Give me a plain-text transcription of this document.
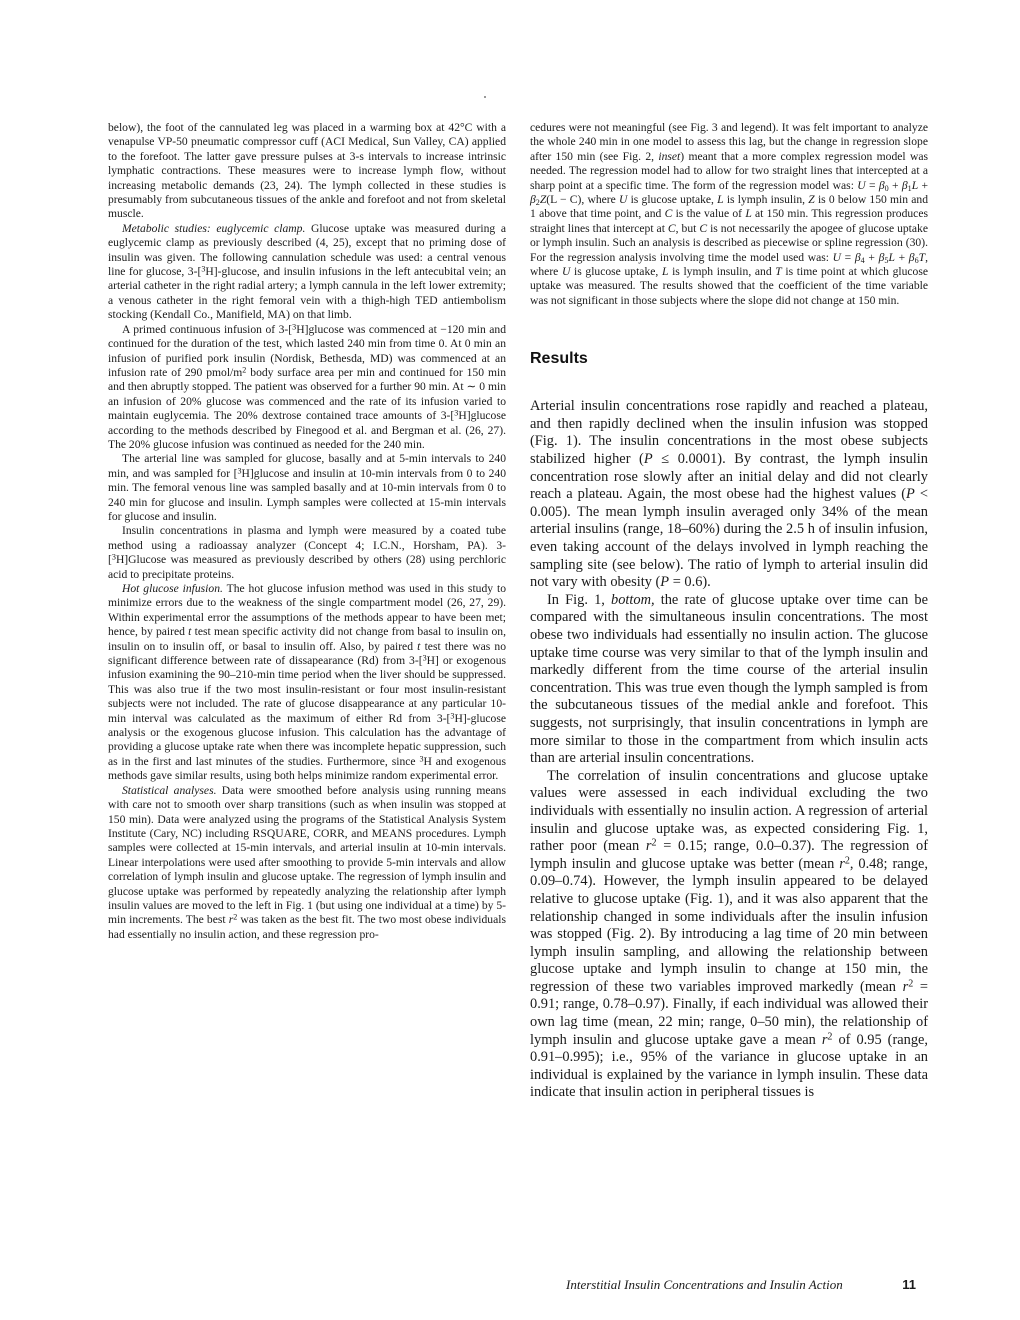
below), the foot of the cannulated leg was placed in a warming box at 42°C with a venapulse VP-50 pneumatic compressor cuff (ACI Medical, Sun Valley, CA) applied to the forefoot. The latter gave pressure pulses at 3-s intervals to increase intrinsic lymphatic contractions. These measures were to increase lymph flow, without increasing metabolic demands (23, 24). The lymph collected in these studies is presumably from subcutaneous tissues of the ankle and forefoot and not from skeletal muscle.

Metabolic studies: euglycemic clamp. Glucose uptake was measured during a euglycemic clamp as previously described (4, 25), except that no priming dose of insulin was given. The following cannulation schedule was used: a central venous line for glucose, 3-[$^3$H]-glucose, and insulin infusions in the left antecubital vein; an arterial catheter in the right radial artery; a lymph cannula in the left lower extremity; a venous catheter in the right femoral vein with a thigh-high TED antiembolism stocking (Kendall Co., Manifield, MA) on that limb.

A primed continuous infusion of 3-[$^3$H]glucose was commenced at −120 min and continued for the duration of the test, which lasted 240 min from time 0. At 0 min an infusion of purified pork insulin (Nordisk, Bethesda, MD) was commenced at an infusion rate of 290 pmol/$m^2$ body surface area per min and continued for 150 min and then abruptly stopped. The patient was observed for a further 90 min. At ∼ 0 min an infusion of 20% glucose was commenced and the rate of its infusion varied to maintain euglycemia. The 20% dextrose contained trace amounts of 3-[$^3$H]glucose according to the methods described by Finegood et al. and Bergman et al. (26, 27). The 20% glucose infusion was continued as needed for the 240 min.

The arterial line was sampled for glucose, basally and at 5-min intervals to 240 min, and was sampled for [$^3$H]glucose and insulin at 10-min intervals from 0 to 240 min. The femoral venous line was sampled basally and at 10-min intervals from 0 to 240 min for glucose and insulin. Lymph samples were collected at 15-min intervals for glucose and insulin.

Insulin concentrations in plasma and lymph were measured by a coated tube method using a radioassay analyzer (Concept 4; I.C.N., Horsham, PA). 3-[$^3$H]Glucose was measured as previously described by others (28) using perchloric acid to precipitate proteins.

Hot glucose infusion. The hot glucose infusion method was used in this study to minimize errors due to the weakness of the single compartment model (26, 27, 29). Within experimental error the assumptions of the methods appear to have been met; hence, by paired t test mean specific activity did not change from basal to insulin on, insulin on to insulin off, or basal to insulin off. Also, by paired t test there was no significant difference between rate of dissapearance (Rd) from 3-[$^3$H] or exogenous infusion examining the 90–210-min time period when the liver should be suppressed. This was also true if the two most insulin-resistant or four most insulin-resistant subjects were not included. The rate of glucose disappearance at any particular 10-min interval was calculated as the maximum of either Rd from 3-[$^3$H]-glucose analysis or the exogenous glucose infusion. This calculation has the advantage of providing a glucose uptake rate when there was incomplete hepatic suppression, such as in the first and last minutes of the studies. Furthermore, since $^3$H and exogenous methods gave similar results, using both helps minimize random experimental error.

Statistical analyses. Data were smoothed before analysis using running means with care not to smooth over sharp transitions (such as when insulin was stopped at 150 min). Data were analyzed using the programs of the Statistical Analysis System Institute (Cary, NC) including RSQUARE, CORR, and MEANS procedures. Lymph samples were collected at 15-min intervals, and arterial insulin at 10-min intervals. Linear interpolations were used after smoothing to provide 5-min intervals and allow correlation of lymph insulin and glucose uptake. The regression of lymph insulin and glucose uptake was performed by repeatedly analyzing the relationship after lymph insulin values are moved to the left in Fig. 1 (but using one individual at a time) by 5-min increments. The best $r^2$ was taken as the best fit. The two most obese individuals had essentially no insulin action, and these regression pro-

cedures were not meaningful (see Fig. 3 and legend). It was felt important to analyze the whole 240 min in one model to assess this lag, but the change in regression slope after 150 min (see Fig. 2, inset) meant that a more complex regression model was needed. The regression model had to allow for two straight lines that intercepted at a sharp point at a specific time. The form of the regression model was: $U = \beta_0 + \beta_1L + \beta_2Z(L - C)$, where U is glucose uptake, L is lymph insulin, Z is 0 below 150 min and 1 above that time point, and C is the value of L at 150 min. This regression produces straight lines that intercept at C, but C is not necessarily the apogee of glucose uptake or lymph insulin. Such an analysis is described as piecewise or spline regression (30). For the regression analysis involving time the model used was: $U = \beta_4 + \beta_5L + \beta_6T$, where U is glucose uptake, L is lymph insulin, and T is time point at which glucose uptake was measured. The results showed that the coefficient of the time variable was not significant in those subjects where the slope did not change at 150 min.

Results

Arterial insulin concentrations rose rapidly and reached a plateau, and then rapidly declined when the insulin infusion was stopped (Fig. 1). The insulin concentrations in the most obese subjects stabilized higher (P ≤ 0.0001). By contrast, the lymph insulin concentration rose slowly after an initial delay and did not clearly reach a plateau. Again, the most obese had the highest values (P < 0.005). The mean lymph insulin averaged only 34% of the mean arterial insulins (range, 18–60%) during the 2.5 h of insulin infusion, even taking account of the delays involved in lymph reaching the sampling site (see below). The ratio of lymph to arterial insulin did not vary with obesity (P = 0.6).

In Fig. 1, bottom, the rate of glucose uptake over time can be compared with the simultaneous insulin concentrations. The most obese two individuals had essentially no insulin action. The glucose uptake time course was very similar to that of the lymph insulin and markedly different from the time course of the arterial insulin concentration. This was true even though the lymph sampled is from the subcutaneous tissues of the medial ankle and forefoot. This suggests, not surprisingly, that insulin concentrations in lymph are more similar to those in the compartment from which insulin acts than are arterial insulin concentrations.

The correlation of insulin concentrations and glucose uptake values were assessed in each individual excluding the two individuals with essentially no insulin action. A regression of arterial insulin and glucose uptake was, as expected considering Fig. 1, rather poor (mean $r^2 = 0.15$; range, 0.0–0.37). The regression of lymph insulin and glucose uptake was better (mean $r^2$, 0.48; range, 0.09–0.74). However, the lymph insulin appeared to be delayed relative to glucose uptake (Fig. 1), and it was also apparent that the relationship changed in some individuals after the insulin infusion was stopped (Fig. 2). By introducing a lag time of 20 min between lymph insulin sampling, and allowing the relationship between glucose uptake and lymph insulin to change at 150 min, the regression of these two variables improved markedly (mean $r^2 = 0.91$; range, 0.78–0.97). Finally, if each individual was allowed their own lag time (mean, 22 min; range, 0–50 min), the relationship of lymph insulin and glucose uptake gave a mean $r^2$ of 0.95 (range, 0.91–0.995); i.e., 95% of the variance in glucose uptake in an individual is explained by the variance in lymph insulin. These data indicate that insulin action in peripheral tissues is

Interstitial Insulin Concentrations and Insulin Action	11
